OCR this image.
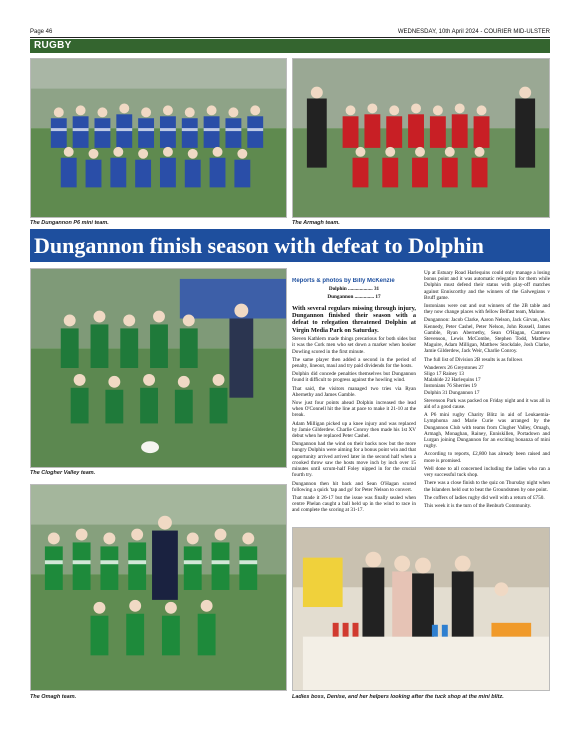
Page 46	WEDNESDAY, 10th April 2024 - COURIER MID-ULSTER
RUGBY
The Dungannon P6 mini team.	The Armagh team.
Dungannon finish season with defeat to Dolphin
The Clogher Valley team.
The Omagh team.

Reports & photos by Billy McKenzie

Dolphin ................... 31

Dungannon ............... 17

With several regulars missing through injury, Dungannon finished their season with a defeat to relegation threatened Dolphin at Virgin Media Park on Saturday.

Steven Kathlern made things precarious for both sides but it was the Cork men who set down a marker when hooker Dowling scored in the first minute.

The same player then added a second in the period of penalty, lineout, maul and try paid dividends for the hosts.

Dolphin did concede penalties themselves but Dungannon found it difficult to progress against the howling wind.

That said, the visitors managed two tries via Ryan Abernethy and James Gamble.

Now just four points ahead Dolphin increased the lead when O'Connell hit the line at pace to make it 21-10 at the break.

Adam Milligan picked up a knee injury and was replaced by Jamie Gilderdew. Charlie Conroy then made his 1st XV debut when he replaced Peter Cashel.

Dungannon had the wind on their backs now but the more hungry Dolphin were aiming for a bonus point win and that opportunity arrived arrived later in the second half when a crooked throw saw the hosts move inch by inch over 15 minutes until scrum-half Foley nipped in for the crucial fourth try.

Dungannon then hit back and Sean O'Hagan scored following a quick 'tap and go' for Peter Nelson to convert.

That made it 26-17 but the issue was finally sealed when centre Phelan caught a ball held up in the wind to race in and complete the scoring at 31-17.

Up at Estuary Road Harlequins could only manage a losing bonus point and it was automatic relegation for them while Dolphin must defend their status with play-off matches against Enniscorthy and the winners of the Galwegians v Bruff game.

Instonians were out and out winners of the 2B table and they now change places with fellow Belfast team, Malone.

Dungannon: Jacob Clarke, Aaron Nelson, Jack Girvan, Alex Kennedy, Peter Cashel, Peter Nelson, John Russell, James Gamble, Ryan Abernethy, Sean O'Hagan, Cameron Stevenson, Lewis McCombe, Stephen Todd, Matthew Maguire, Adam Milligan, Matthew Stockdale, Josh Clarke, Jamie Gilderdew, Jack Weir, Charlie Conroy.

The full list of Division 2B results is as follows

Wanderers 26 Greystones 27

Sligo 17 Rainey 13

Malahide 22 Harlequins 17

Instonians 76 Sherries 19

Dolphin 31 Dungannon 17

Stevenson Park was packed on Friday night and it was all in aid of a good cause.

A P6 mini rugby Charity Blitz in aid of Leukaemia-Lymphoma and Marie Curie was arranged by the Dungannon Club with teams from Clogher Valley, Omagh, Armagh, Monaghan, Rainey, Enniskillen, Portadown and Lurgan joining Dungannon for an exciting bonanza of mini rugby.

According to reports, £2,800 has already been raised and more is promised.

Well done to all concerned including the ladies who ran a very successful tuck shop.

There was a close finish to the quiz on Thursday night when the Islanders held out to beat the Groundsmen by one point.

The coffers of ladies rugby did well with a return of £750.

This week it is the turn of the Benburb Community.

Ladies boss, Denise, and her helpers looking after the tuck shop at the mini blitz.
